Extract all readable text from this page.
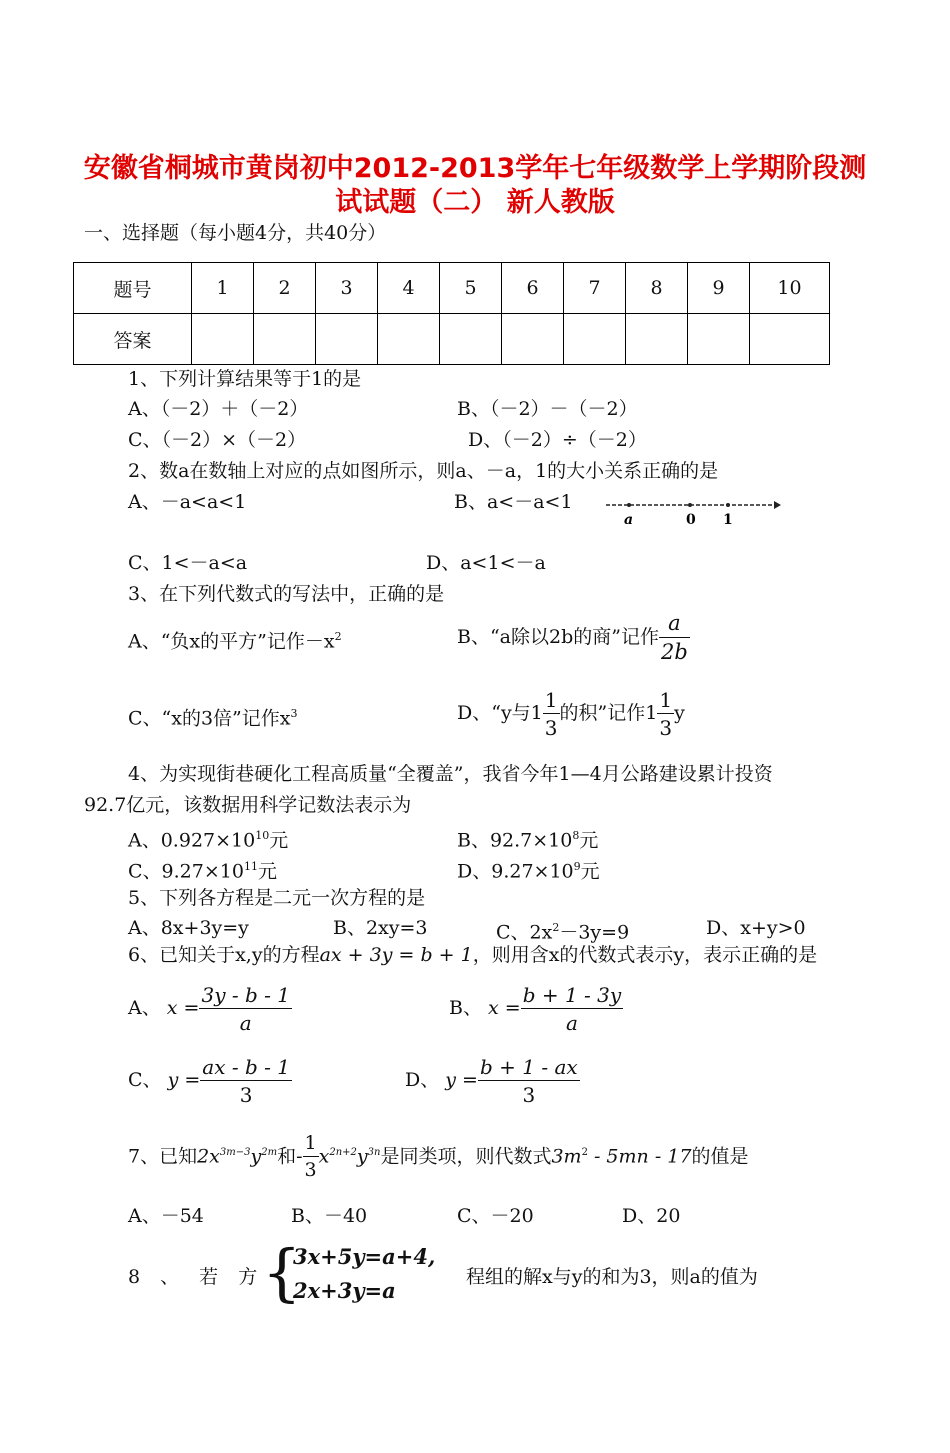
安徽省桐城市黄岗初中2012-2013学年七年级数学上学期阶段测
试试题（二） 新人教版
一、选择题（每小题4分，共40分）
题号	1	2	3	4	5	6	7	8	9	10
答案										
1、下列计算结果等于1的是
A、（－2）＋（－2）	B、（－2）－（－2）
C、（－2）×（－2）	D、（－2）÷（－2）
2、数a在数轴上对应的点如图所示，则a、－a，1的大小关系正确的是
A、－a<a<1	B、a<－a<1
a	0 1
C、1<－a<a	D、a<1<－a
3、在下列代数式的写法中，正确的是
A、“负x的平方”记作$-x^2$	B、“a除以2b的商”记作 $\frac{a}{2b}$
C、“x的3倍”记作$x^3$	D、“y与$1 \frac{1}{3}$ 的积”记作$1 \frac{1}{3}$ y
4、为实现街巷硬化工程高质量“全覆盖”，我省今年1—4月公路建设累计投资
92.7亿元，该数据用科学记数法表示为
A、$0.927\times 10^{10}$元	B、$92.7\times 10^8$元
C、$9.27\times 10^{11}$元	D、$9.27\times 10^9$元
5、下列各方程是二元一次方程的是
A、8x+3y=y	B、2xy=3	C、$2x^2-3y=9$	D、x+y>0
6、已知关于x,y的方程ax + 3y = b + 1，则用含x的代数式表示y，表示正确的是
A、 $x = \frac{3y - b - 1}{a}$	B、 $x = \frac{b + 1 - 3y}{a}$
C、 $y = \frac{ax - b - 1}{3}$	D、 $y = \frac{b + 1 - ax}{3}$
7、已知$2x^{3m-3}y^{2m}$和- $\frac{1}{3} x^{2n+2}y^{3n}$是同类项，则代数式$3m^2 - 5mn - 17$的值是
A、－54	B、－40	C、－20	D、20
8 、 若 方 {
3x+5y=a+4,
2x+3y=a
程组的解x与y的和为3，则a的值为
